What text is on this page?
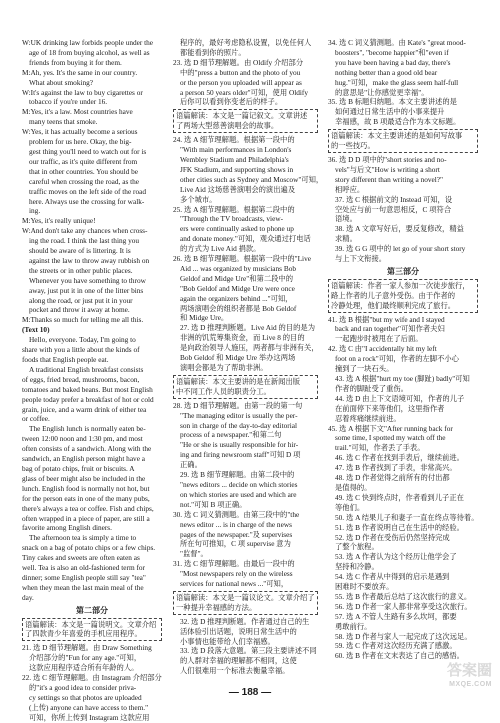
W:UK drinking law forbids people under the
age of 18 from buying alcohol, as well as
friends from buying it for them.
M:Ah, yes. It's the same in our country.
What about smoking?
W:It's against the law to buy cigarettes or
tobacco if you're under 16.
M:Yes, it's a law. Most countries have
many teens that smoke.
W:Yes, it has actually become a serious
problem for us here. Okay, the big-
gest thing you'll need to watch out for is
our traffic, as it's quite different from
that in other countries. You should be
careful when crossing the road, as the
traffic moves on the left side of the road
here. Always use the crossing for walk-
ing.
M:Yes, it's really unique!
W:And don't take any chances when cross-
ing the road. I think the last thing you
should be aware of is littering. It is
against the law to throw away rubbish on
the streets or in other public places.
Whenever you have something to throw
away, just put it in one of the litter bins
along the road, or just put it in your
pocket and throw it away at home.
M:Thanks so much for telling me all this.
(Text 10)
Hello, everyone. Today, I'm going to
share with you a little about the kinds of
foods that English people eat.
A traditional English breakfast consists
of eggs, fried bread, mushrooms, bacon,
tomatoes and baked beans. But most English
people today prefer a breakfast of hot or cold
grain, juice, and a warm drink of either tea
or coffee.
The English lunch is normally eaten be-
tween 12:00 noon and 1:30 pm, and most
often consists of a sandwich. Along with the
sandwich, an English person might have a
bag of potato chips, fruit or biscuits. A
glass of beer might also be included in the
lunch. English food is normally not hot, but
for the person eats in one of the many pubs,
there's always a tea or coffee. Fish and chips,
often wrapped in a piece of paper, are still a
favorite among English diners.
The afternoon tea is simply a time to
snack on a bag of potato chips or a few chips.
Tiny cakes and sweets are often eaten as
well. Tea is also an old-fashioned term for
dinner; some English people still say "tea"
when they mean the last main meal of the
day.
第二部分
语篇解读：本文是一篇说明文。文章介绍
了四款青少年喜爱的手机应用程序。
21. 选 D 细节理解题。由 Draw Something
介绍部分的"Fun for any age."可知，
这款应用程序适合所有年龄的人。
22. 选 C 细节理解题。由 Instagram 介绍部分
的"it's a good idea to consider priva-
cy settings so that photos are uploaded
(上传) anyone can have access to them."
可知，你所上传到 Instagram 这款应用
程序的，最好考虑隐私设置，以免任何人
都能看到你的照片。
23. 选 D 细节理解题。由 Oldify 介绍部分
中的"press a button and the photo of you
or the person you uploaded will appear as
a person 50 years older"可知，使用 Oldify
后你可以看到你变老后的样子。
语篇解读：本文是一篇记叙文。文章讲述
了两场大型慈善演唱会的故事。
24. 选 A 细节理解题。根据第一段中的
"With main performances in London's
Wembley Stadium and Philadelphia's
JFK Stadium, and supporting shows in
other cities such as Sydney and Moscow"可知，
Live Aid 这场慈善演唱会的演出遍及
多个城市。
25. 选 A 细节理解题。根据第二段中的
"Through the TV broadcasts, view-
ers were continually asked to phone up
and donate money."可知，观众通过打电话
的方式为 Live Aid 捐款。
26. 选 B 细节理解题。根据第一段中的"Live
Aid ... was organized by musicians Bob
Geldof and Midge Ure"和第二段中的
"Bob Geldof and Midge Ure were once
again the organizers behind ..."可知，
两场演唱会的组织者都是 Bob Geldof
和 Midge Ure。
27. 选 D 推理判断题。Live Aid 的目的是为
非洲的饥荒筹集资金，而 Live 8 的目的
是向政治领导人施压，两者都与非洲有关，
Bob Geldof 和 Midge Ure 举办这两场
演唱会都是为了帮助非洲。
语篇解读：本文主要讲的是在新闻出版
中不同工作人员的职责分工。
28. 选 D 细节理解题。由第一段的第一句
"The managing editor is usually the per-
son in charge of the day-to-day editorial
process of a newspaper."和第二句
"He or she is usually responsible for hir-
ing and firing newsroom staff"可知 D 项
正确。
29. 选 B 细节理解题。由第二段中的
"news editors ... decide on which stories
on which stories are used and which are
not."可知 B 项正确。
30. 选 C 词义猜测题。由第三段中的"the
news editor ... is in charge of the news
pages of the newspaper."及 supervises
所在句可推知，C 项 supervise 意为
"监督"。
31. 选 C 细节理解题。由最后一段中的
"Most newspapers rely on the wireless
services for national news ..."可知，
语篇解读：本文是一篇议论文。文章介绍了
一种提升幸福感的方法。
32. 选 D 推理判断题。作者通过自己的生
活体验引出话题，说明日常生活中的
小事情也能带给人们幸福感。
33. 选 D 段落大意题。第三段主要讲述不同
的人群对幸福的理解都不相同，这使
人们很难用一个标准去衡量幸福。
34. 选 C 词义猜测题。由 Kate's "great mood-
boosters", "become happier"和"even if
you have been having a bad day, there's
nothing better than a good old bear
hug."可知，make the glass seem half-full
的意思是"让你感觉更幸福"。
35. 选 B 标题归纳题。本文主要讲述的是
如何通过日常生活中的小事来提升
幸福感，故 B 项最适合作为本文标题。
语篇解读：本文主要讲述的是如何写故事
的一些技巧。
36. 选 D D 项中的"short stories and no-
vels"与后文"How is writing a short
story different than writing a novel?"
相呼应。
37. 选 C 根据前文的 Instead 可知，设
空处应与前一句意思相反，C 项符合
语境。
38. 选 A 文章写好后，要反复修改，精益
求精。
39. 选 G G 项中的 let go of your short story
与上下文衔接。
第三部分
语篇解读：作者一家人参加一次徒步旅行，
路上作者的儿子意外受伤。由于作者的
冷静处理，他们最终顺利完成了旅行。
41. 选 B 根据"but my wife and I stayed
back and ran together"可知作者夫妇
一起跑步时被甩在了后面。
42. 选 C 由"I accidentally hit my left
foot on a rock"可知，作者的左脚不小心
撞到了一块石头。
43. 选 A 根据"hurt my toe (脚趾) badly"可知
作者的脚趾受了重伤。
44. 选 D 由上下文语境可知，作者的儿子
在前面停下来等他们，这里指作者
忍着疼痛继续前进。
45. 选 A 根据下文"After running back for
some time, I spotted my watch off the
trail."可知，作者丢了手表。
46. 选 C 作者在找到手表后，继续前进。
47. 选 B 作者找到了手表，非常高兴。
48. 选 D 作者觉得之前所有的付出都
是值得的。
49. 选 C 快到终点时，作者看到儿子正在
等他们。
50. 选 A 结果儿子和妻子一直在终点等待着。
51. 选 B 作者说明自己在生活中的经验。
52. 选 D 作者在受伤后仍然坚持完成
了整个旅程。
53. 选 A 作者认为这个经历让他学会了
坚持和冷静。
54. 选 C 作者从中得到的启示是遇到
困难时不要放弃。
55. 选 B 作者最后总结了这次旅行的意义。
56. 选 D 作者一家人都非常享受这次旅行。
57. 选 A 不管人生路有多么坎坷，都要
勇敢前行。
58. 选 D 作者与家人一起完成了这次远足。
59. 选 C 作者对这次经历充满了感激。
60. 选 B 作者在文末表达了自己的感悟。
— 188 —
答案圈
MXQE.COM
